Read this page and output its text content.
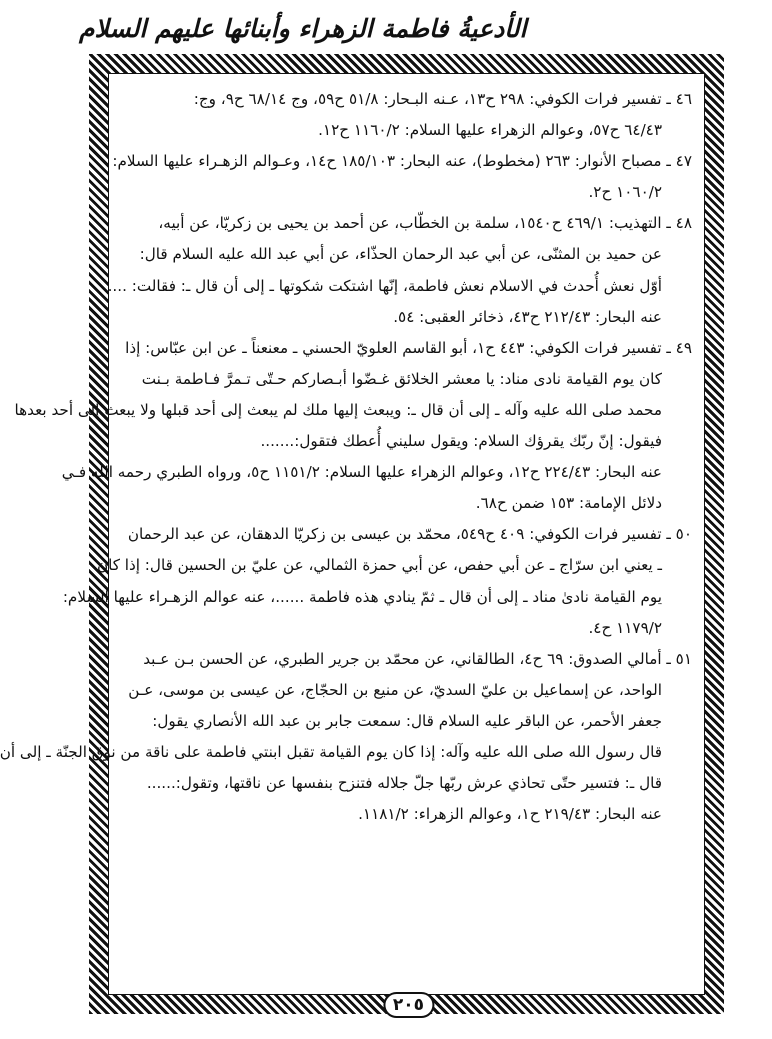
الأدعيةُ فاطمة الزهراء وأبنائها عليهم السلام
٤٦ ـ تفسير فرات الكوفي: ٢٩٨ ح١٣، عـنه البـحار: ٥١/٨ ح٥٩، وج ٦٨/١٤ ح٩، وج:
٦٤/٤٣ ح٥٧، وعوالم الزهراء عليها السلام: ١١٦٠/٢ ح١٢.
٤٧ ـ مصباح الأنوار: ٢٦٣ (مخطوط)، عنه البحار: ١٨٥/١٠٣ ح١٤، وعـوالم الزهـراء عليها السلام:
١٠٦٠/٢ ح٢.
٤٨ ـ التهذيب: ٤٦٩/١ ح١٥٤٠، سلمة بن الخطّاب، عن أحمد بن يحيى بن زكريّا، عن أبيه،
عن حميد بن المثنّى، عن أبي عبد الرحمان الحذّاء، عن أبي عبد الله عليه السلام قال:
أوّل نعش أُحدث في الاسلام نعش فاطمة، إنّها اشتكت شكوتها ـ إلى أن قال ـ: فقالت: ....
عنه البحار: ٢١٢/٤٣ ح٤٣، ذخائر العقبى: ٥٤.
٤٩ ـ تفسير فرات الكوفي: ٤٤٣ ح١، أبو القاسم العلويّ الحسني ـ معنعناً ـ عن ابن عبّاس: إذا
كان يوم القيامة نادى مناد: يا معشر الخلائق غـضّوا أبـصاركم حـتّى تـمرَّ فـاطمة بـنت
محمد صلى الله عليه وآله ـ إلى أن قال ـ: ويبعث إليها ملك لم يبعث إلى أحد قبلها ولا يبعث إلى أحد بعدها
فيقول: إنّ ربّك يقرؤك السلام: ويقول سليني أُعطك فتقول:.......
عنه البحار: ٢٢٤/٤٣ ح١٢، وعوالم الزهراء عليها السلام: ١١٥١/٢ ح٥، ورواه الطبري رحمه الله فـي
دلائل الإمامة: ١٥٣ ضمن ح٦٨.
٥٠ ـ تفسير فرات الكوفي: ٤٠٩ ح٥٤٩، محمّد بن عيسى بن زكريّا الدهقان، عن عبد الرحمان
ـ يعني ابن سرّاج ـ عن أبي حفص، عن أبي حمزة الثمالي، عن عليّ بن الحسين قال: إذا كان
يوم القيامة نادىٰ مناد ـ إلى أن قال ـ ثمّ ينادي هذه فاطمة ......، عنه عوالم الزهـراء عليها السلام:
١١٧٩/٢ ح٤.
٥١ ـ أمالي الصدوق: ٦٩ ح٤، الطالقاني، عن محمّد بن جرير الطبري، عن الحسن بـن عـبد
الواحد، عن إسماعيل بن عليّ السديّ، عن منيع بن الحجّاج، عن عيسى بن موسى، عـن
جعفر الأحمر، عن الباقر عليه السلام قال: سمعت جابر بن عبد الله الأنصاري يقول:
قال رسول الله صلى الله عليه وآله: إذا كان يوم القيامة تقبل ابنتي فاطمة على ناقة من نوق الجنّة ـ إلى أن
قال ـ: فتسير حتّى تحاذي عرش ربّها جلّ جلاله فتنزح بنفسها عن ناقتها، وتقول:......
عنه البحار: ٢١٩/٤٣ ح١، وعوالم الزهراء: ١١٨١/٢.
٢٠٥
